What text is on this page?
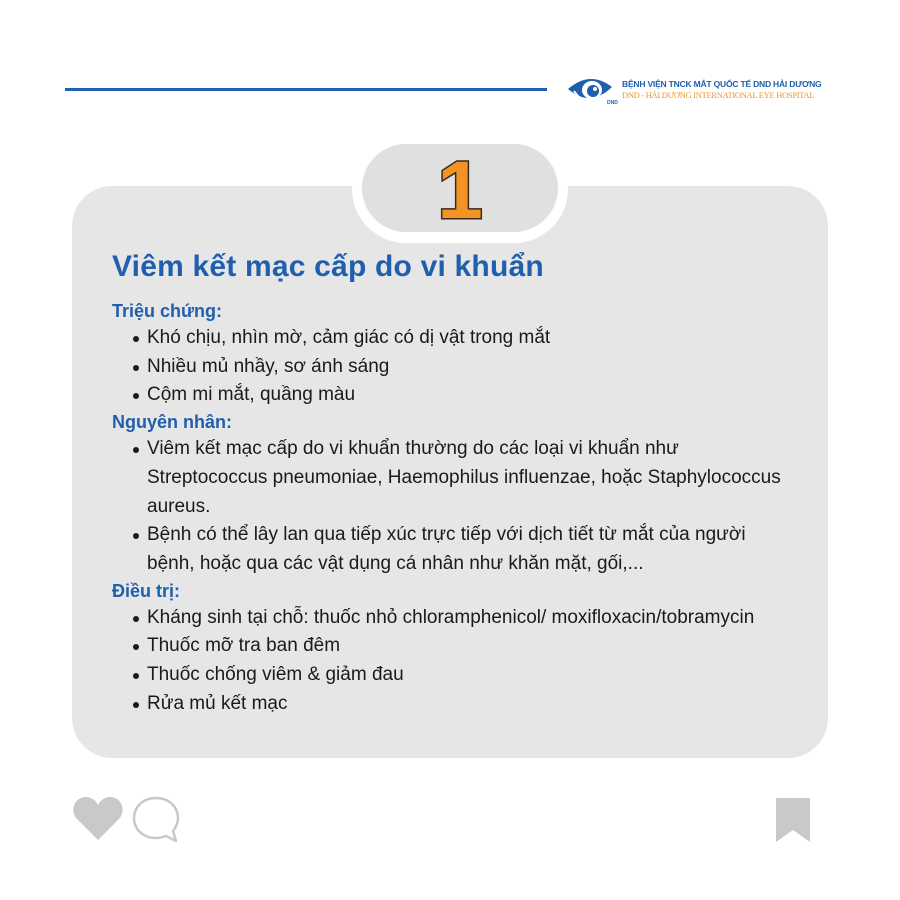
DND
BỆNH VIỆN TNCK MẮT QUỐC TẾ DND HẢI DƯƠNG
DND - HẢI DƯƠNG INTERNATIONAL EYE HOSPITAL
1
Viêm kết mạc cấp do vi khuẩn
Triệu chứng:
Khó chịu, nhìn mờ, cảm giác có dị vật trong mắt
Nhiều mủ nhầy, sơ ánh sáng
Cộm mi mắt, quầng màu
Nguyên nhân:
Viêm kết mạc cấp do vi khuẩn thường do các loại vi khuẩn như Streptococcus pneumoniae, Haemophilus influenzae, hoặc Staphylococcus aureus.
Bệnh có thể lây lan qua tiếp xúc trực tiếp với dịch tiết từ mắt của người bệnh, hoặc qua các vật dụng cá nhân như khăn mặt, gối,...
Điều trị:
Kháng sinh tại chỗ: thuốc nhỏ chloramphenicol/ moxifloxacin/tobramycin
Thuốc mỡ tra ban đêm
Thuốc chống viêm & giảm đau
Rửa mủ kết mạc
